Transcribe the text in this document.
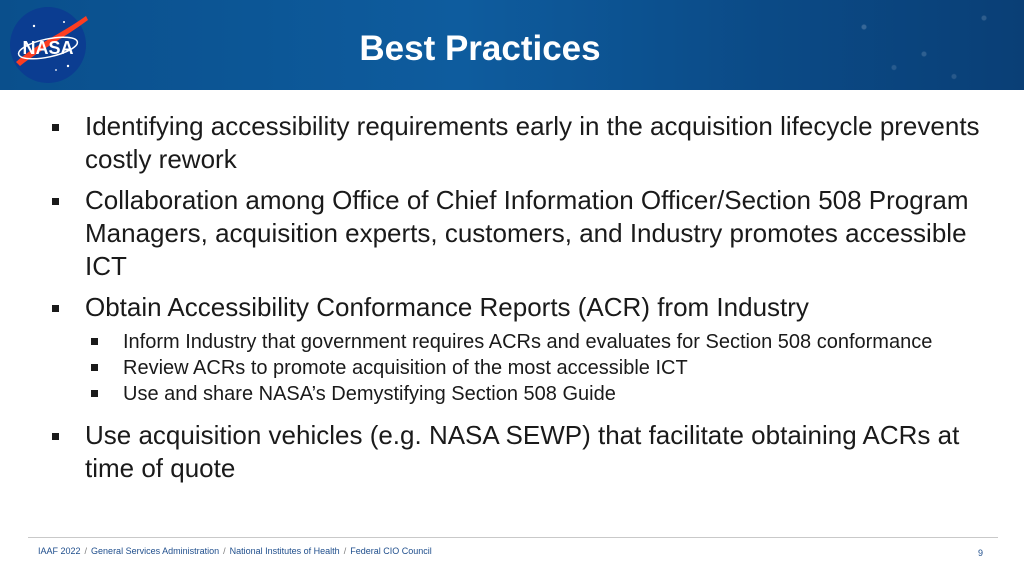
NASA	Best Practices
Identifying accessibility requirements early in the acquisition lifecycle prevents costly rework
Collaboration among Office of Chief Information Officer/Section 508 Program Managers, acquisition experts, customers, and Industry promotes accessible ICT
Obtain Accessibility Conformance Reports (ACR) from Industry
Inform Industry that government requires ACRs and evaluates for Section 508 conformance
Review ACRs to promote acquisition of the most accessible ICT
Use and share NASA’s Demystifying Section 508 Guide
Use acquisition vehicles (e.g. NASA SEWP) that facilitate obtaining ACRs at time of quote
IAAF 2022 / General Services Administration / National Institutes of Health / Federal CIO Council	9
